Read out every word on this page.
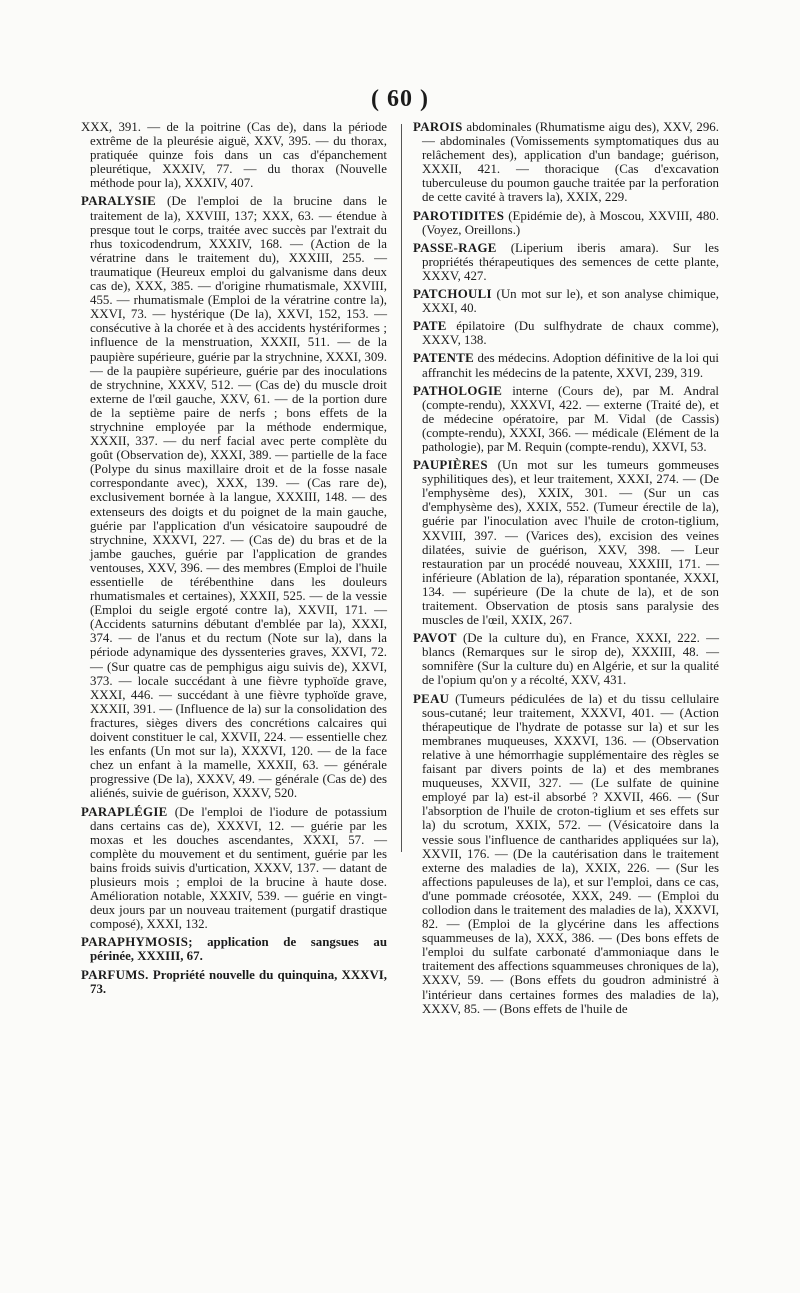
( 60 )

XXX, 391. — de la poitrine (Cas de), dans la période extrême de la pleurésie aiguë, XXV, 395. — du thorax, pratiquée quinze fois dans un cas d'épanchement pleurétique, XXXIV, 77. — du thorax (Nouvelle méthode pour la), XXXIV, 407.

PARALYSIE (De l'emploi de la brucine dans le traitement de la), XXVIII, 137; XXX, 63. — étendue à presque tout le corps, traitée avec succès par l'extrait du rhus toxicodendrum, XXXIV, 168. — (Action de la vératrine dans le traitement du), XXXIII, 255. — traumatique (Heureux emploi du galvanisme dans deux cas de), XXX, 385. — d'origine rhumatismale, XXVIII, 455. — rhumatismale (Emploi de la vératrine contre la), XXVI, 73. — hystérique (De la), XXVI, 152, 153. — consécutive à la chorée et à des accidents hystériformes ; influence de la menstruation, XXXII, 511. — de la paupière supérieure, guérie par la strychnine, XXXI, 309. — de la paupière supérieure, guérie par des inoculations de strychnine, XXXV, 512. — (Cas de) du muscle droit externe de l'œil gauche, XXV, 61. — de la portion dure de la septième paire de nerfs ; bons effets de la strychnine employée par la méthode endermique, XXXII, 337. — du nerf facial avec perte complète du goût (Observation de), XXXI, 389. — partielle de la face (Polype du sinus maxillaire droit et de la fosse nasale correspondante avec), XXX, 139. — (Cas rare de), exclusivement bornée à la langue, XXXIII, 148. — des extenseurs des doigts et du poignet de la main gauche, guérie par l'application d'un vésicatoire saupoudré de strychnine, XXXVI, 227. — (Cas de) du bras et de la jambe gauches, guérie par l'application de grandes ventouses, XXV, 396. — des membres (Emploi de l'huile essentielle de térébenthine dans les douleurs rhumatismales et certaines), XXXII, 525. — de la vessie (Emploi du seigle ergoté contre la), XXVII, 171. — (Accidents saturnins débutant d'emblée par la), XXXI, 374. — de l'anus et du rectum (Note sur la), dans la période adynamique des dyssenteries graves, XXVI, 72. — (Sur quatre cas de pemphigus aigu suivis de), XXVI, 373. — locale succédant à une fièvre typhoïde grave, XXXI, 446. — succédant à une fièvre typhoïde grave, XXXII, 391. — (Influence de la) sur la consolidation des fractures, sièges divers des concrétions calcaires qui doivent constituer le cal, XXVII, 224. — essentielle chez les enfants (Un mot sur la), XXXVI, 120. — de la face chez un enfant à la mamelle, XXXII, 63. — générale progressive (De la), XXXV, 49. — générale (Cas de) des aliénés, suivie de guérison, XXXV, 520.

PARAPLÉGIE (De l'emploi de l'iodure de potassium dans certains cas de), XXXVI, 12. — guérie par les moxas et les douches ascendantes, XXXI, 57. — complète du mouvement et du sentiment, guérie par les bains froids suivis d'urtication, XXXV, 137. — datant de plusieurs mois ; emploi de la brucine à haute dose. Amélioration notable, XXXIV, 539. — guérie en vingt-deux jours par un nouveau traitement (purgatif drastique composé), XXXI, 132.

PARAPHYMOSIS; application de sangsues au périnée, XXXIII, 67.

PARFUMS. Propriété nouvelle du quinquina, XXXVI, 73.

PAROIS abdominales (Rhumatisme aigu des), XXV, 296. — abdominales (Vomissements symptomatiques dus au relâchement des), application d'un bandage; guérison, XXXII, 421. — thoracique (Cas d'excavation tuberculeuse du poumon gauche traitée par la perforation de cette cavité à travers la), XXIX, 229.

PAROTIDITES (Epidémie de), à Moscou, XXVIII, 480. (Voyez, Oreillons.)

PASSE-RAGE (Liperium iberis amara). Sur les propriétés thérapeutiques des semences de cette plante, XXXV, 427.

PATCHOULI (Un mot sur le), et son analyse chimique, XXXI, 40.

PATE épilatoire (Du sulfhydrate de chaux comme), XXXV, 138.

PATENTE des médecins. Adoption définitive de la loi qui affranchit les médecins de la patente, XXVI, 239, 319.

PATHOLOGIE interne (Cours de), par M. Andral (compte-rendu), XXXVI, 422. — externe (Traité de), et de médecine opératoire, par M. Vidal (de Cassis) (compte-rendu), XXXI, 366. — médicale (Elément de la pathologie), par M. Requin (compte-rendu), XXVI, 53.

PAUPIÈRES (Un mot sur les tumeurs gommeuses syphilitiques des), et leur traitement, XXXI, 274. — (De l'emphysème des), XXIX, 301. — (Sur un cas d'emphysème des), XXIX, 552. (Tumeur érectile de la), guérie par l'inoculation avec l'huile de croton-tiglium, XXVIII, 397. — (Varices des), excision des veines dilatées, suivie de guérison, XXV, 398. — Leur restauration par un procédé nouveau, XXXIII, 171. — inférieure (Ablation de la), réparation spontanée, XXXI, 134. — supérieure (De la chute de la), et de son traitement. Observation de ptosis sans paralysie des muscles de l'œil, XXIX, 267.

PAVOT (De la culture du), en France, XXXI, 222. — blancs (Remarques sur le sirop de), XXXIII, 48. — somnifère (Sur la culture du) en Algérie, et sur la qualité de l'opium qu'on y a récolté, XXV, 431.

PEAU (Tumeurs pédiculées de la) et du tissu cellulaire sous-cutané; leur traitement, XXXVI, 401. — (Action thérapeutique de l'hydrate de potasse sur la) et sur les membranes muqueuses, XXXVI, 136. — (Observation relative à une hémorrhagie supplémentaire des règles se faisant par divers points de la) et des membranes muqueuses, XXVII, 327. — (Le sulfate de quinine employé par la) est-il absorbé ? XXVII, 466. — (Sur l'absorption de l'huile de croton-tiglium et ses effets sur la) du scrotum, XXIX, 572. — (Vésicatoire dans la vessie sous l'influence de cantharides appliquées sur la), XXVII, 176. — (De la cautérisation dans le traitement externe des maladies de la), XXIX, 226. — (Sur les affections papuleuses de la), et sur l'emploi, dans ce cas, d'une pommade créosotée, XXX, 249. — (Emploi du collodion dans le traitement des maladies de la), XXXVI, 82. — (Emploi de la glycérine dans les affections squammeuses de la), XXX, 386. — (Des bons effets de l'emploi du sulfate carbonaté d'ammoniaque dans le traitement des affections squammeuses chroniques de la), XXXV, 59. — (Bons effets du goudron administré à l'intérieur dans certaines formes des maladies de la), XXXV, 85. — (Bons effets de l'huile de
